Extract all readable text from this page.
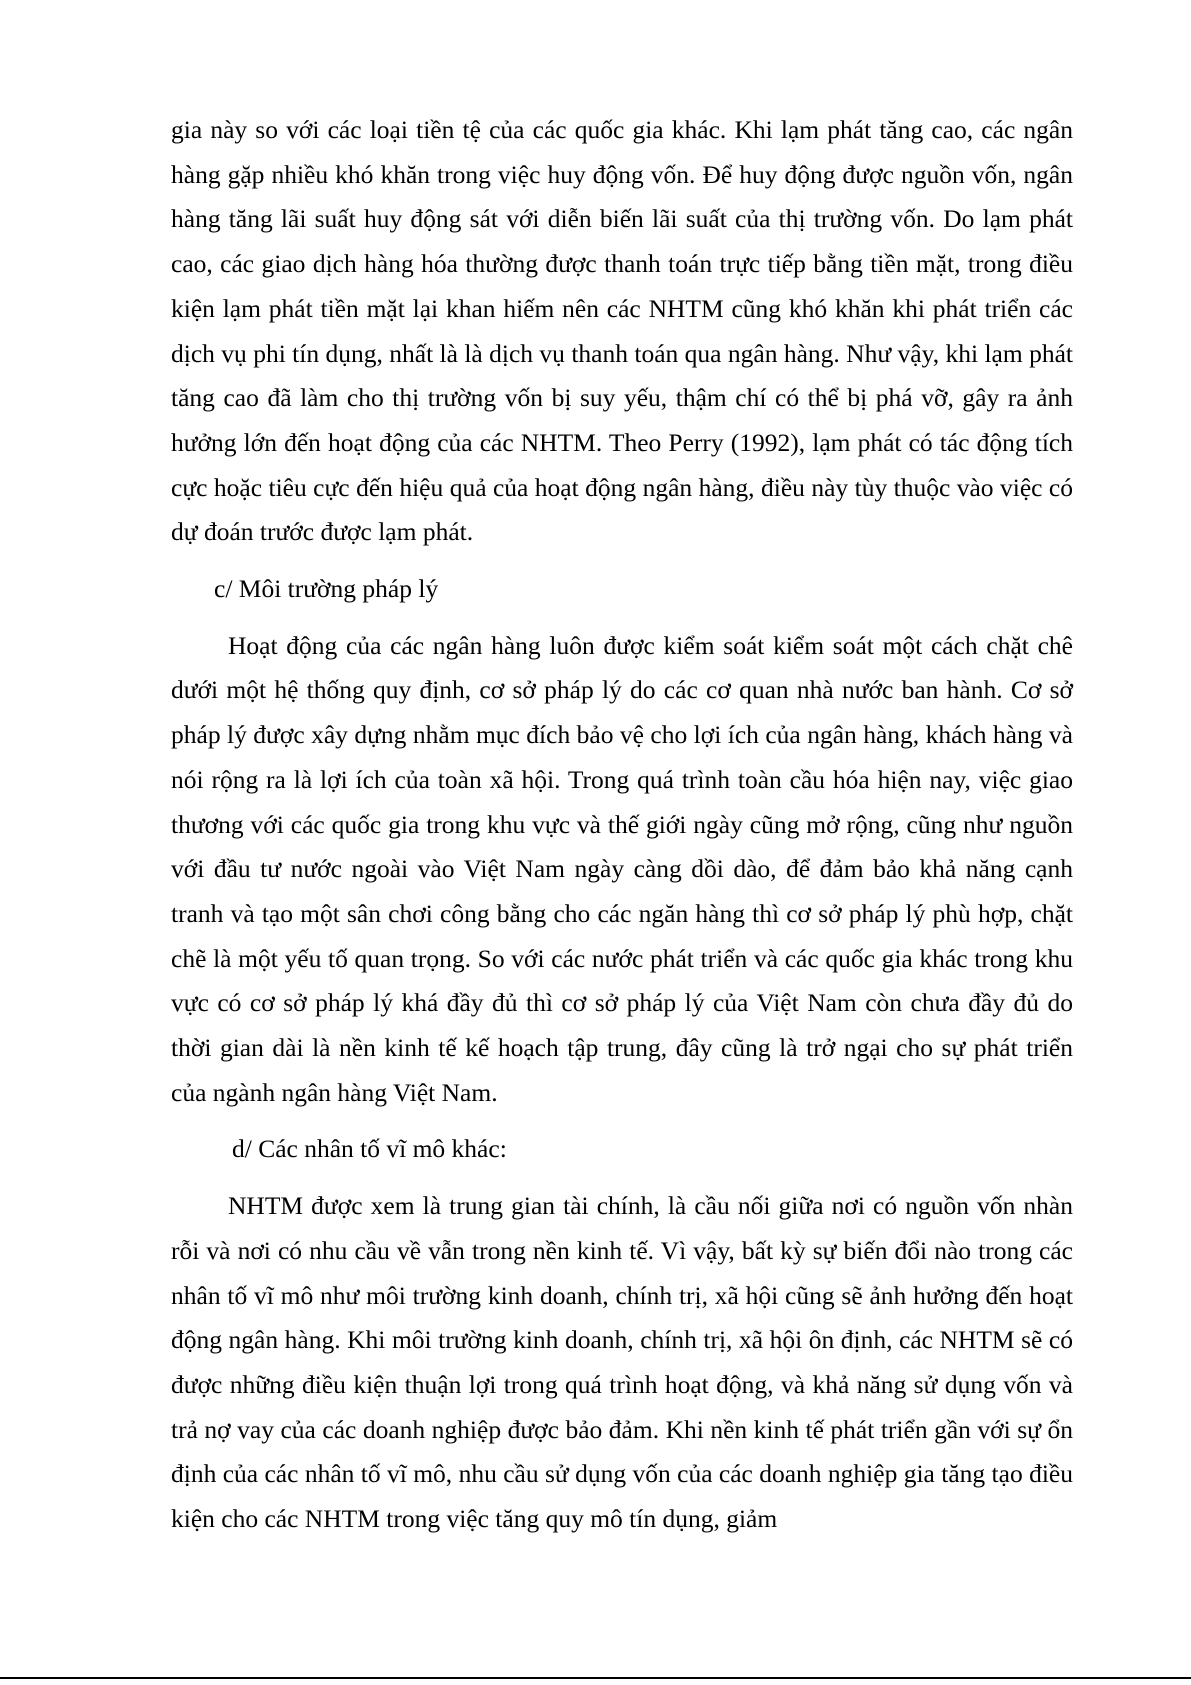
gia này so với các loại tiền tệ của các quốc gia khác. Khi lạm phát tăng cao, các ngân hàng gặp nhiều khó khăn trong việc huy động vốn. Để huy động được nguồn vốn, ngân hàng tăng lãi suất huy động sát với diễn biến lãi suất của thị trường vốn. Do lạm phát cao, các giao dịch hàng hóa thường được thanh toán trực tiếp bằng tiền mặt, trong điều kiện lạm phát tiền mặt lại khan hiếm nên các NHTM cũng khó khăn khi phát triển các dịch vụ phi tín dụng, nhất là là dịch vụ thanh toán qua ngân hàng. Như vậy, khi lạm phát tăng cao đã làm cho thị trường vốn bị suy yếu, thậm chí có thể bị phá vỡ, gây ra ảnh hưởng lớn đến hoạt động của các NHTM. Theo Perry (1992), lạm phát có tác động tích cực hoặc tiêu cực đến hiệu quả của hoạt động ngân hàng, điều này tùy thuộc vào việc có dự đoán trước được lạm phát.

c/ Môi trường pháp lý

Hoạt động của các ngân hàng luôn được kiểm soát kiểm soát một cách chặt chê dưới một hệ thống quy định, cơ sở pháp lý do các cơ quan nhà nước ban hành. Cơ sở pháp lý được xây dựng nhằm mục đích bảo vệ cho lợi ích của ngân hàng, khách hàng và nói rộng ra là lợi ích của toàn xã hội. Trong quá trình toàn cầu hóa hiện nay, việc giao thương với các quốc gia trong khu vực và thế giới ngày cũng mở rộng, cũng như nguồn với đầu tư nước ngoài vào Việt Nam ngày càng dồi dào, để đảm bảo khả năng cạnh tranh và tạo một sân chơi công bằng cho các ngăn hàng thì cơ sở pháp lý phù hợp, chặt chẽ là một yếu tố quan trọng. So với các nước phát triển và các quốc gia khác trong khu vực có cơ sở pháp lý khá đầy đủ thì cơ sở pháp lý của Việt Nam còn chưa đầy đủ do thời gian dài là nền kinh tế kế hoạch tập trung, đây cũng là trở ngại cho sự phát triển của ngành ngân hàng Việt Nam.

d/ Các nhân tố vĩ mô khác:

NHTM được xem là trung gian tài chính, là cầu nối giữa nơi có nguồn vốn nhàn rỗi và nơi có nhu cầu về vẫn trong nền kinh tế. Vì vậy, bất kỳ sự biến đổi nào trong các nhân tố vĩ mô như môi trường kinh doanh, chính trị, xã hội cũng sẽ ảnh hưởng đến hoạt động ngân hàng. Khi môi trường kinh doanh, chính trị, xã hội ôn định, các NHTM sẽ có được những điều kiện thuận lợi trong quá trình hoạt động, và khả năng sử dụng vốn và trả nợ vay của các doanh nghiệp được bảo đảm. Khi nền kinh tế phát triển gần với sự ổn định của các nhân tố vĩ mô, nhu cầu sử dụng vốn của các doanh nghiệp gia tăng tạo điều kiện cho các NHTM trong việc tăng quy mô tín dụng, giảm
